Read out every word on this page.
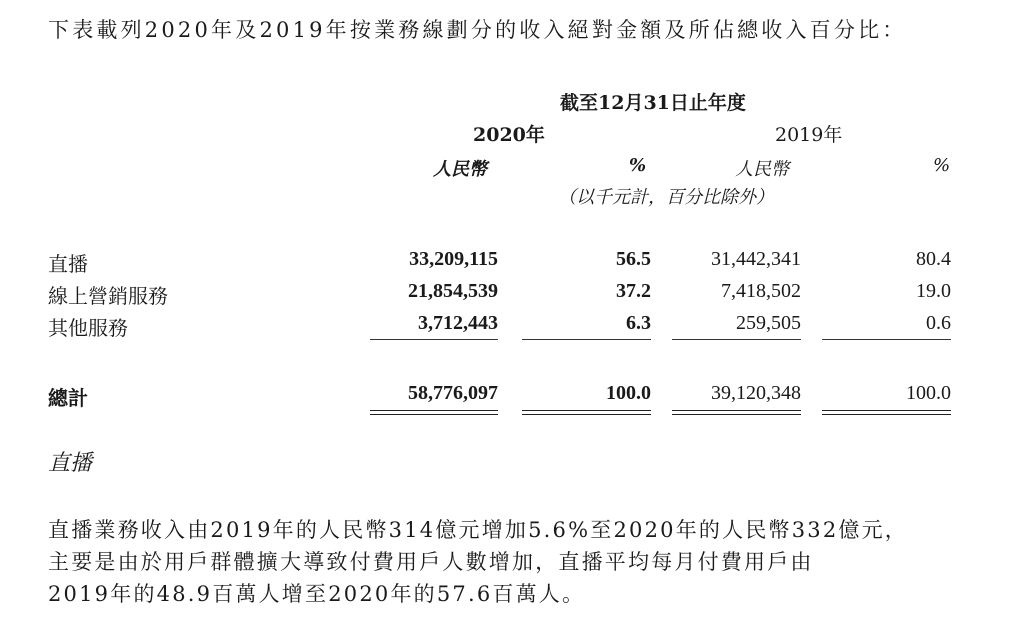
下表載列2020年及2019年按業務線劃分的收入絕對金額及所佔總收入百分比：
截至12月31日止年度
2020年	2019年
人民幣	%	人民幣	%
（以千元計，百分比除外）
直播	33,209,115	56.5	31,442,341	80.4
線上營銷服務	21,854,539	37.2	7,418,502	19.0
其他服務	3,712,443	6.3	259,505	0.6
總計	58,776,097	100.0	39,120,348	100.0
直播
直播業務收入由2019年的人民幣314億元增加5.6%至2020年的人民幣332億元，
主要是由於用戶群體擴大導致付費用戶人數增加，直播平均每月付費用戶由
2019年的48.9百萬人增至2020年的57.6百萬人。
